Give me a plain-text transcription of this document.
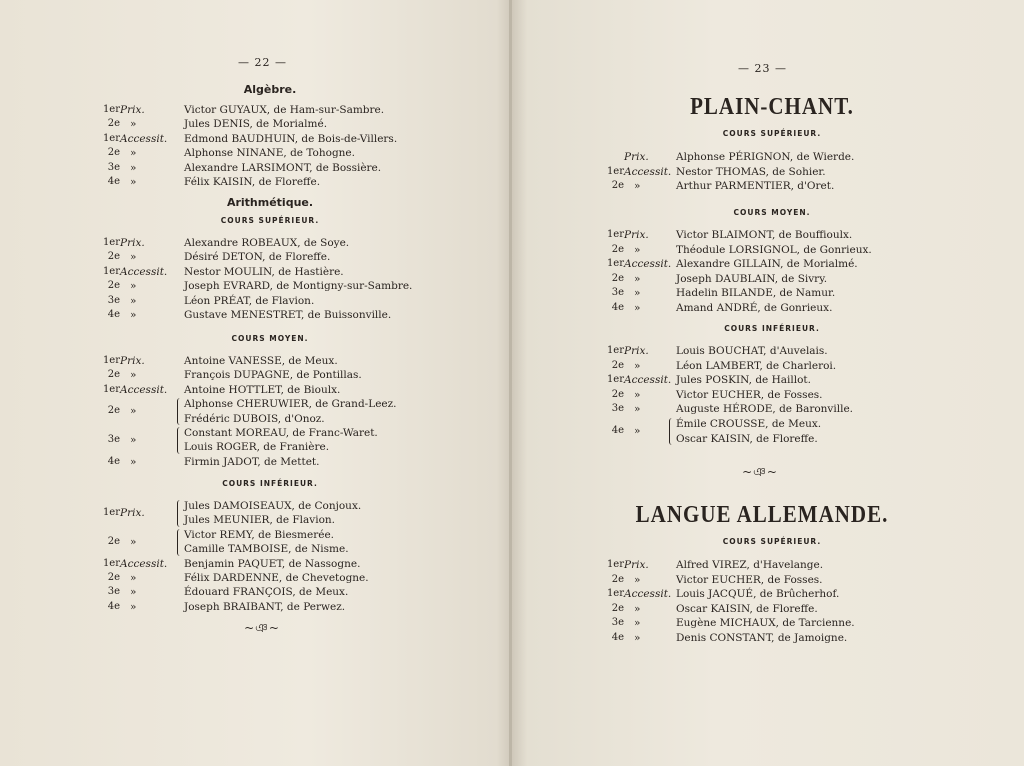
— 22 —
Algèbre.
Arithmétique.
COURS SUPÉRIEUR.
COURS MOYEN.
COURS INFÉRIEUR.
~ঞ~
1er Prix.	Victor GUYAUX, de Ham-sur-Sambre.
2e »	Jules DENIS, de Morialmé.
1er Accessit. Edmond BAUDHUIN, de Bois-de-Villers.
2e »	Alphonse NINANE, de Tohogne.
3e »	Alexandre LARSIMONT, de Bossière.
4e »	Félix KAISIN, de Floreffe.
1er Prix.	Alexandre ROBEAUX, de Soye.
2e »	Désiré DETON, de Floreffe.
1er Accessit. Nestor MOULIN, de Hastière.
2e »	Joseph EVRARD, de Montigny-sur-Sambre.
3e »	Léon PRÉAT, de Flavion.
4e »	Gustave MENESTRET, de Buissonville.
1er Prix.	Antoine VANESSE, de Meux.
2e »	François DUPAGNE, de Pontillas.
1er Accessit. Antoine HOTTLET, de Bioulx.
2e »
Alphonse CHERUWIER, de Grand-Leez.
Frédéric DUBOIS, d'Onoz.
3e »
Constant MOREAU, de Franc-Waret.
Louis ROGER, de Franière.
4e »	Firmin JADOT, de Mettet.
1er Prix.
Jules DAMOISEAUX, de Conjoux.
Jules MEUNIER, de Flavion.
2e »
Victor REMY, de Biesmerée.
Camille TAMBOISE, de Nisme.
1er Accessit. Benjamin PAQUET, de Nassogne.
2e »	Félix DARDENNE, de Chevetogne.
3e »	Édouard FRANÇOIS, de Meux.
4e »	Joseph BRAIBANT, de Perwez.
— 23 —
PLAIN-CHANT.
COURS SUPÉRIEUR.
COURS MOYEN.
COURS INFÉRIEUR.
~ঞ~
LANGUE ALLEMANDE.
COURS SUPÉRIEUR.
Prix.	Alphonse PÉRIGNON, de Wierde.
1er Accessit. Nestor THOMAS, de Sohier.
2e »	Arthur PARMENTIER, d'Oret.
1er Prix.	Victor BLAIMONT, de Bouffioulx.
2e »	Théodule LORSIGNOL, de Gonrieux.
1er Accessit. Alexandre GILLAIN, de Morialmé.
2e »	Joseph DAUBLAIN, de Sivry.
3e »	Hadelin BILANDE, de Namur.
4e »	Amand ANDRÉ, de Gonrieux.
1er Prix.	Louis BOUCHAT, d'Auvelais.
2e »	Léon LAMBERT, de Charleroi.
1er Accessit. Jules POSKIN, de Haillot.
2e »	Victor EUCHER, de Fosses.
3e »	Auguste HÉRODE, de Baronville.
4e »
Émile CROUSSE, de Meux.
Oscar KAISIN, de Floreffe.
1er Prix.	Alfred VIREZ, d'Havelange.
2e »	Victor EUCHER, de Fosses.
1er Accessit. Louis JACQUÉ, de Brûcherhof.
2e »	Oscar KAISIN, de Floreffe.
3e »	Eugène MICHAUX, de Tarcienne.
4e »	Denis CONSTANT, de Jamoigne.
